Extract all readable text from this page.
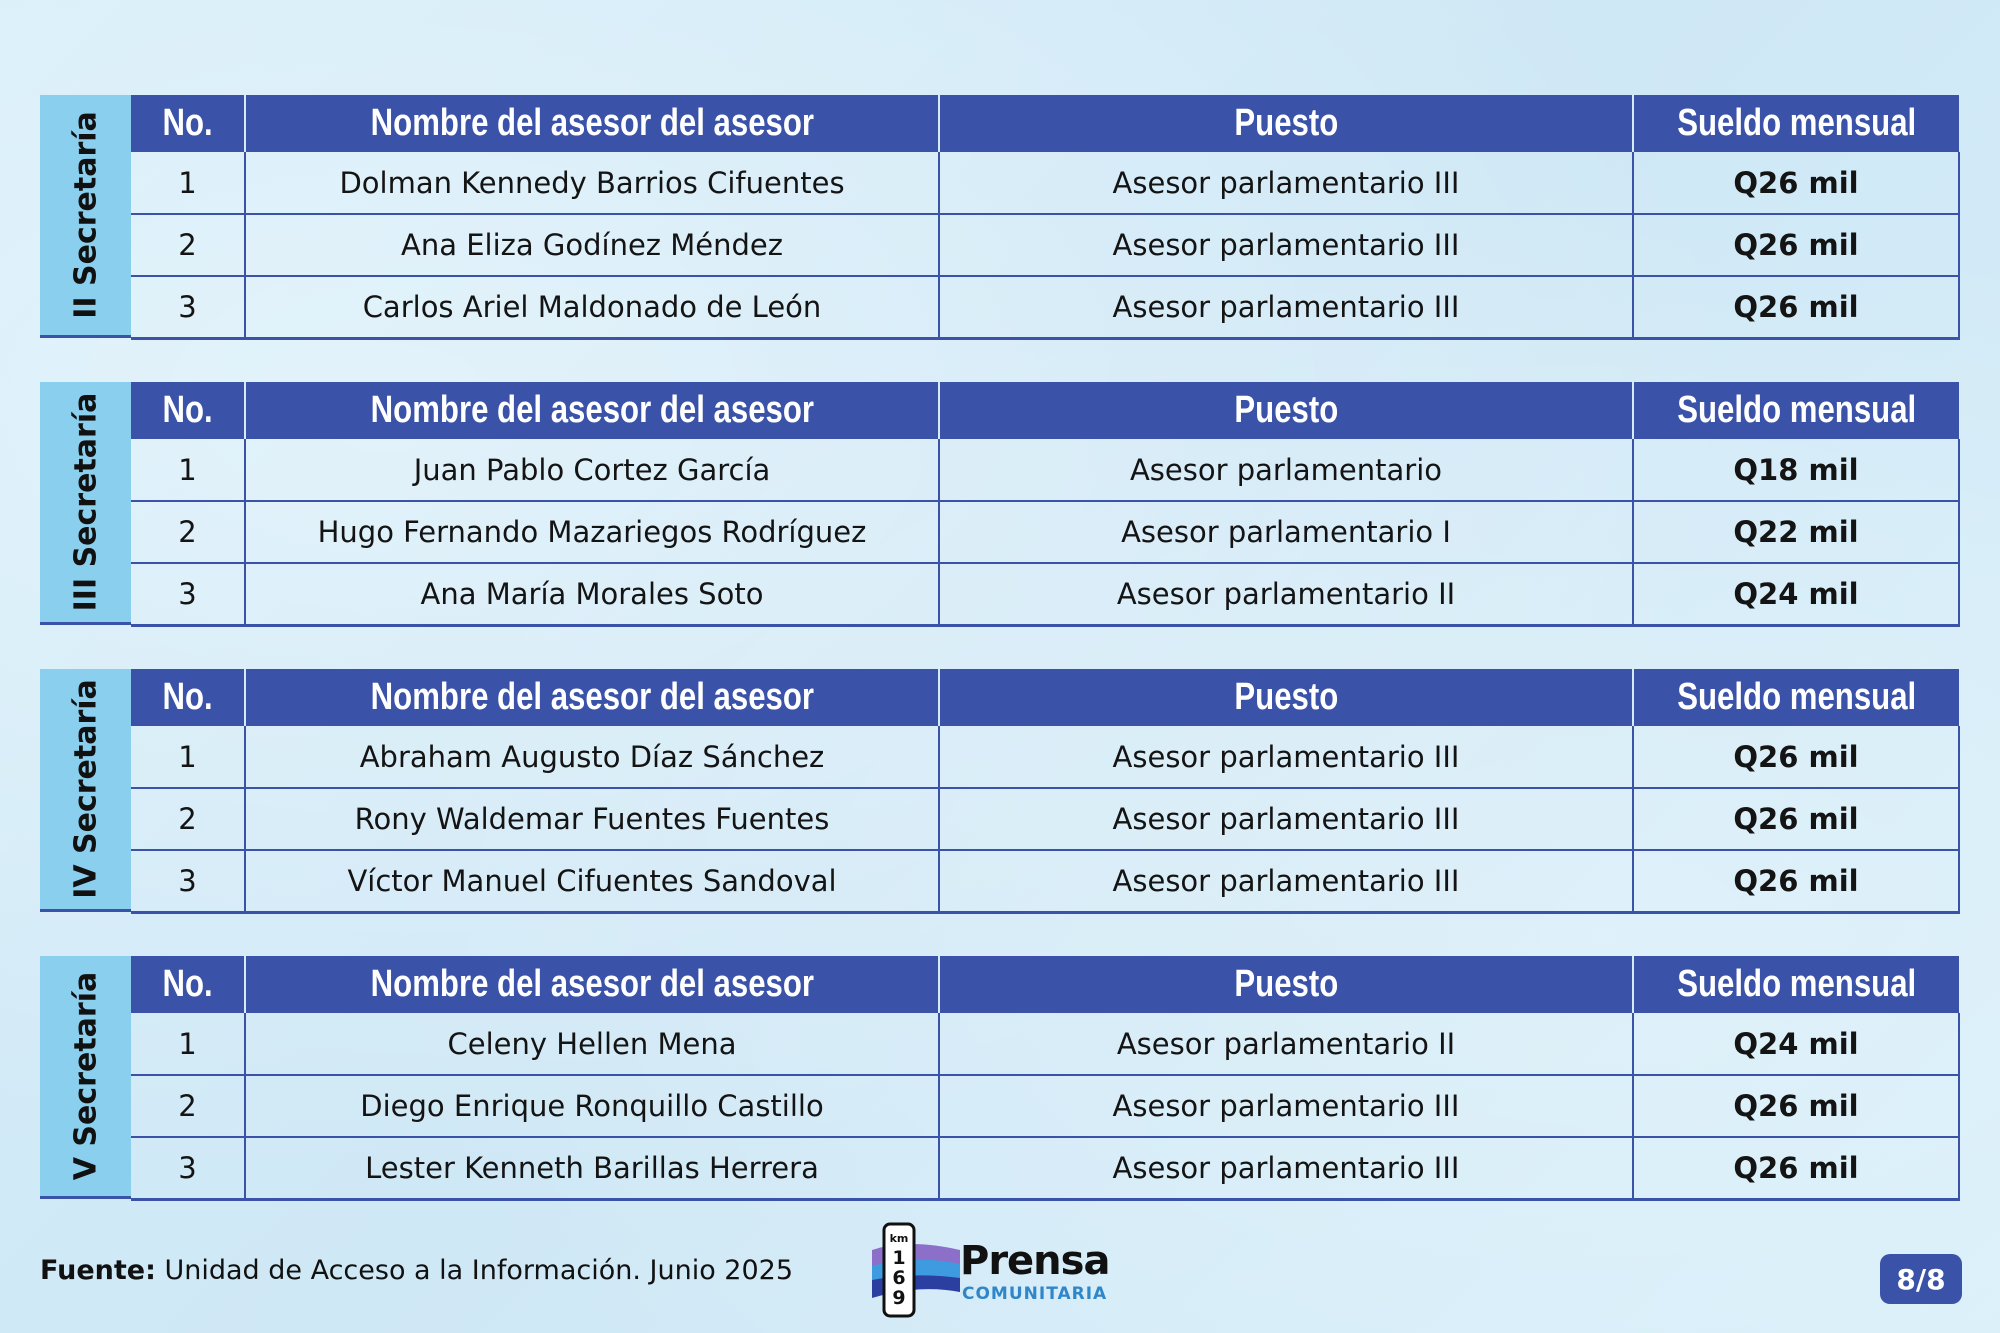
II Secretaría No.	Nombre del asesor del asesor	Puesto	Sueldo mensual
1	Dolman Kennedy Barrios Cifuentes	Asesor parlamentario III	Q26 mil
2	Ana Eliza Godínez Méndez	Asesor parlamentario III	Q26 mil
3	Carlos Ariel Maldonado de León	Asesor parlamentario III	Q26 mil
III Secretaría No.	Nombre del asesor del asesor	Puesto	Sueldo mensual
1	Juan Pablo Cortez García	Asesor parlamentario	Q18 mil
2	Hugo Fernando Mazariegos Rodríguez	Asesor parlamentario I	Q22 mil
3	Ana María Morales Soto	Asesor parlamentario II	Q24 mil
IV Secretaría No.	Nombre del asesor del asesor	Puesto	Sueldo mensual
1	Abraham Augusto Díaz Sánchez	Asesor parlamentario III	Q26 mil
2	Rony Waldemar Fuentes Fuentes	Asesor parlamentario III	Q26 mil
3	Víctor Manuel Cifuentes Sandoval	Asesor parlamentario III	Q26 mil
V Secretaría No.	Nombre del asesor del asesor	Puesto	Sueldo mensual
1	Celeny Hellen Mena	Asesor parlamentario II	Q24 mil
2	Diego Enrique Ronquillo Castillo	Asesor parlamentario III	Q26 mil
3	Lester Kenneth Barillas Herrera	Asesor parlamentario III	Q26 mil
Fuente: Unidad de Acceso a la Información. Junio 2025
km
169
Prensa
COMUNITARIA	8/8
